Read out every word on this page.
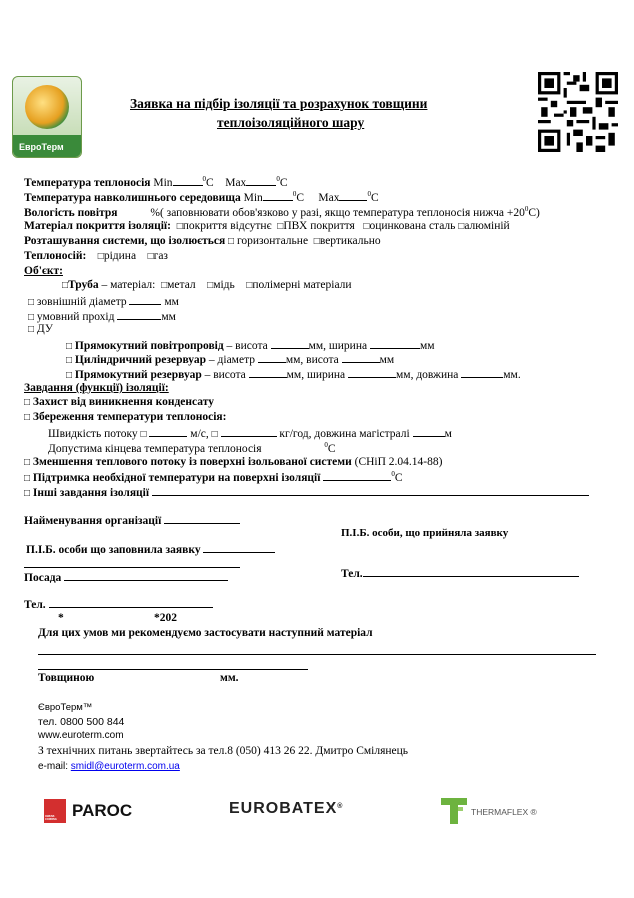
ЕвроТерм
Заявка на підбір ізоляції та розрахунок товщини
теплоізоляційного шару
Температура теплоносія Min	$^0$C Max	$^0$C
Температура навколишнього середовища Min	$^0$C Max	$^0$C
Вологість повітря	%( заповнювати обов'язково у разі, якщо температура теплоносія нижча $+20^0C$)
Матеріал покриття ізоляції: □покриття відсутнє □ПВХ покриття □оцинкована сталь □алюміній
Розташування системи, що ізолюється □ горизонтальне □вертикально
Теплоносій: □рідина □газ
Об'єкт:
□Труба – матеріал: □метал □мідь □полімерні матеріали
□ зовнішній діаметр	мм
□ умовний прохід	мм
□ ДУ
□ Прямокутний повітропровід – висота	мм, ширина	мм
□ Циліндричний резервуар – діаметр	мм, висота	мм
□ Прямокутний резервуар – висота	мм, ширина	мм, довжина	мм.
Завдання (функції) ізоляції:
□ Захист від виникнення конденсату
□ Збереження температури теплоносія:
Швидкість потоку □	м/с, □	кг/год, довжина магістралі	м
Допустима кінцева температура теплоносія	$^0$C
□ Зменшення теплового потоку із поверхні ізольованої системи (СНіП 2.04.14-88)
□ Підтримка необхідної температури на поверхні ізоляції	$^0$C
□ Інші завдання ізоляції
Найменування організації
П.І.Б. особи, що прийняла заявку
П.І.Б. особи що заповнила заявку
Посада	Тел.
Тел.
*	*202
Для цих умов ми рекомендуємо застосувати наступний матеріал
Товщиною	мм.
ЄвроТерм™
тел. 0800 500 844
www.euroterm.com
З технічних питань звертайтесь за тел.8 (050) 413 26 22. Дмитро Смілянець
e-mail: smidl@euroterm.com.ua
OWENS CORNING PAROC	EUROBATEX®
THERMAFLEX ®
